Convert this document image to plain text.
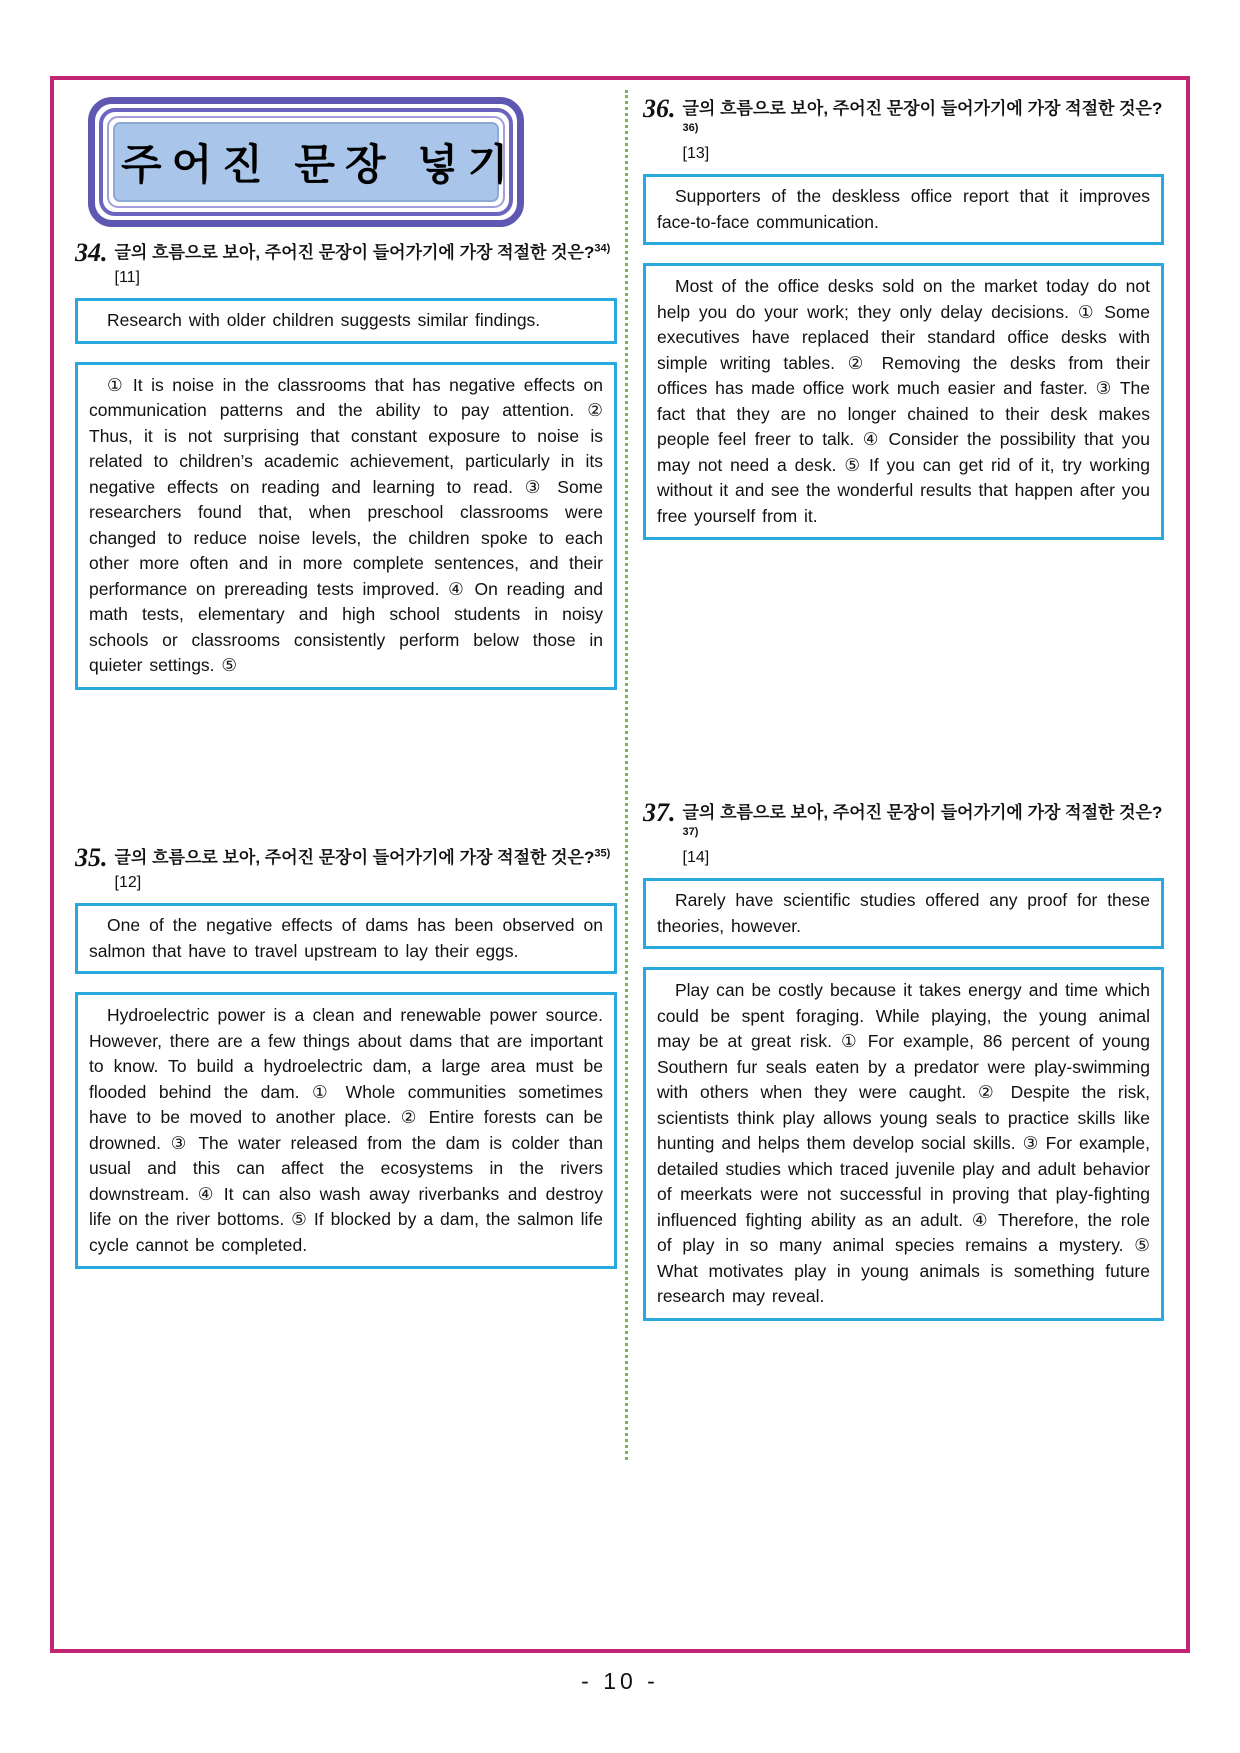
주어진 문장 넣기
34. 글의 흐름으로 보아, 주어진 문장이 들어가기에 가장 적절한 것은?$^{34)}$
[11]
Research with older children suggests similar findings.
① It is noise in the classrooms that has negative effects on communication patterns and the ability to pay attention. ② Thus, it is not surprising that constant exposure to noise is related to children’s academic achievement, particularly in its negative effects on reading and learning to read. ③ Some researchers found that, when preschool classrooms were changed to reduce noise levels, the children spoke to each other more often and in more complete sentences, and their performance on prereading tests improved. ④ On reading and math tests, elementary and high school students in noisy schools or classrooms consistently perform below those in quieter settings. ⑤
35. 글의 흐름으로 보아, 주어진 문장이 들어가기에 가장 적절한 것은?$^{35)}$
[12]
One of the negative effects of dams has been observed on salmon that have to travel upstream to lay their eggs.
Hydroelectric power is a clean and renewable power source. However, there are a few things about dams that are important to know. To build a hydroelectric dam, a large area must be flooded behind the dam. ① Whole communities sometimes have to be moved to another place. ② Entire forests can be drowned. ③ The water released from the dam is colder than usual and this can affect the ecosystems in the rivers downstream. ④ It can also wash away riverbanks and destroy life on the river bottoms. ⑤ If blocked by a dam, the salmon life cycle cannot be completed.
36. 글의 흐름으로 보아, 주어진 문장이 들어가기에 가장 적절한 것은?$^{36)}$
[13]
Supporters of the deskless office report that it improves face-to-face communication.
Most of the office desks sold on the market today do not help you do your work; they only delay decisions. ① Some executives have replaced their standard office desks with simple writing tables. ② Removing the desks from their offices has made office work much easier and faster. ③ The fact that they are no longer chained to their desk makes people feel freer to talk. ④ Consider the possibility that you may not need a desk. ⑤ If you can get rid of it, try working without it and see the wonderful results that happen after you free yourself from it.
37. 글의 흐름으로 보아, 주어진 문장이 들어가기에 가장 적절한 것은?$^{37)}$
[14]
Rarely have scientific studies offered any proof for these theories, however.
Play can be costly because it takes energy and time which could be spent foraging. While playing, the young animal may be at great risk. ① For example, 86 percent of young Southern fur seals eaten by a predator were play-swimming with others when they were caught. ② Despite the risk, scientists think play allows young seals to practice skills like hunting and helps them develop social skills. ③ For example, detailed studies which traced juvenile play and adult behavior of meerkats were not successful in proving that play-fighting influenced fighting ability as an adult. ④ Therefore, the role of play in so many animal species remains a mystery. ⑤ What motivates play in young animals is something future research may reveal.
- 10 -
